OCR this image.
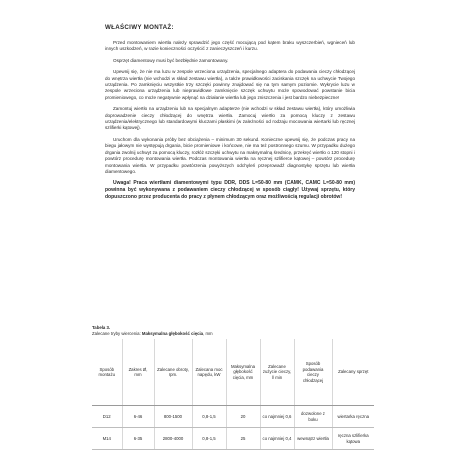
WŁAŚCIWY MONTAŻ:

Przed montowaniem wiertła należy sprawdzić jego część mocującą pod kątem braku wyszczerbień, wgnieceń lub innych uszkodzeń, w razie konieczności oczyścić z zanieczyszczeń i kurzu.

Osprzęt diamentowy musi być bezbłędnie zamontowany.

Upewnij się, że nie ma luzu w zespole wrzeciona urządzenia, specjalnego adaptera do podawania cieczy chłodzącej do wnętrza wiertła (nie wchodzi w skład zestawu wiertła), a także prawidłowości zaciskania szczęk na uchwycie Twojego urządzenia. Po zamknięciu wszystkie trzy szczęki powinny znajdować się na tym samym poziomie. Wykrycie luzu w zespole wrzeciona urządzenia lub nieprawidłowe zamknięcie szczęk uchwytu może spowodować powstanie bicia promieniowego, co może negatywnie wpłynąć na działanie wiertła lub jego zniszczenia i jest bardzo niebezpieczne!

Zamontuj wiertło na urządzeniu lub na specjalnym adapterze (nie wchodzi w skład zestawu wiertła), który umożliwia doprowadzenie cieczy chłodzącej do wnętrza wiertła. Zamocuj wiertło za pomocą kluczy z zestawu urządzenia/elektrycznego lub standardowymi kluczami płaskimi (w zależności od rodzaju mocowania wiertarki lub ręcznej szlifierki kątowej).

Uruchom dla wykonania próby bez obciążenia – minimum 30 sekund. Konieczne upewnij się, że podczas pracy na biegu jałowym nie występują drgania, bicie promieniowe i końcowe, nie ma też postronnego szumu. W przypadku dużego drgania zwolnij uchwyt za pomocą kluczy, rozłóż szczęki uchwytu na maksymalną średnicę, przekręć wiertło o 120 stopni i powtórz procedurę montowania wiertła. Podczas montowania wiertła na ręcznej szlifierce kątowej – powtórz procedurę montowania wiertła. W przypadku powtórzenia powyższych odchyleń przeprowadź diagnostykę sprzętu lub wiertła diamentowego.

Uwaga! Praca wiertłami diamentowymi typu DDR, DDS L=50-80 mm (CAMK, CAMC L=50-80 mm) powinna być wykonywana z podawaniem cieczy chłodzącej w sposób ciągły! Używaj sprzętu, który dopuszczono przez producenta do pracy z płynem chłodzącym oraz możliwością regulacji obrotów!

Tabela 3.
Zalecane tryby wiercenia: Maksymalna głębokość cięcia, mm
Sposób montażu	Zakres Ø, mm	Zalecane obroty, rpm.	Zalecana moc napędu, kW	Maksymalna głębokość cięcia, mm	Zalecane zużycie cieczy, l/ min	Sposób podawania cieczy chłodzącej	Zalecany sprzęt
D12	6-46	800-1500	0,8-1,5	20	co najmniej 0,6	dozwolone z boku	wiertarka ręczna
M14	6-35	2800-4000	0,8-1,5	25	co najmniej 0,4	wewnątrz wiertła	ręczna szlifierka kątowa
